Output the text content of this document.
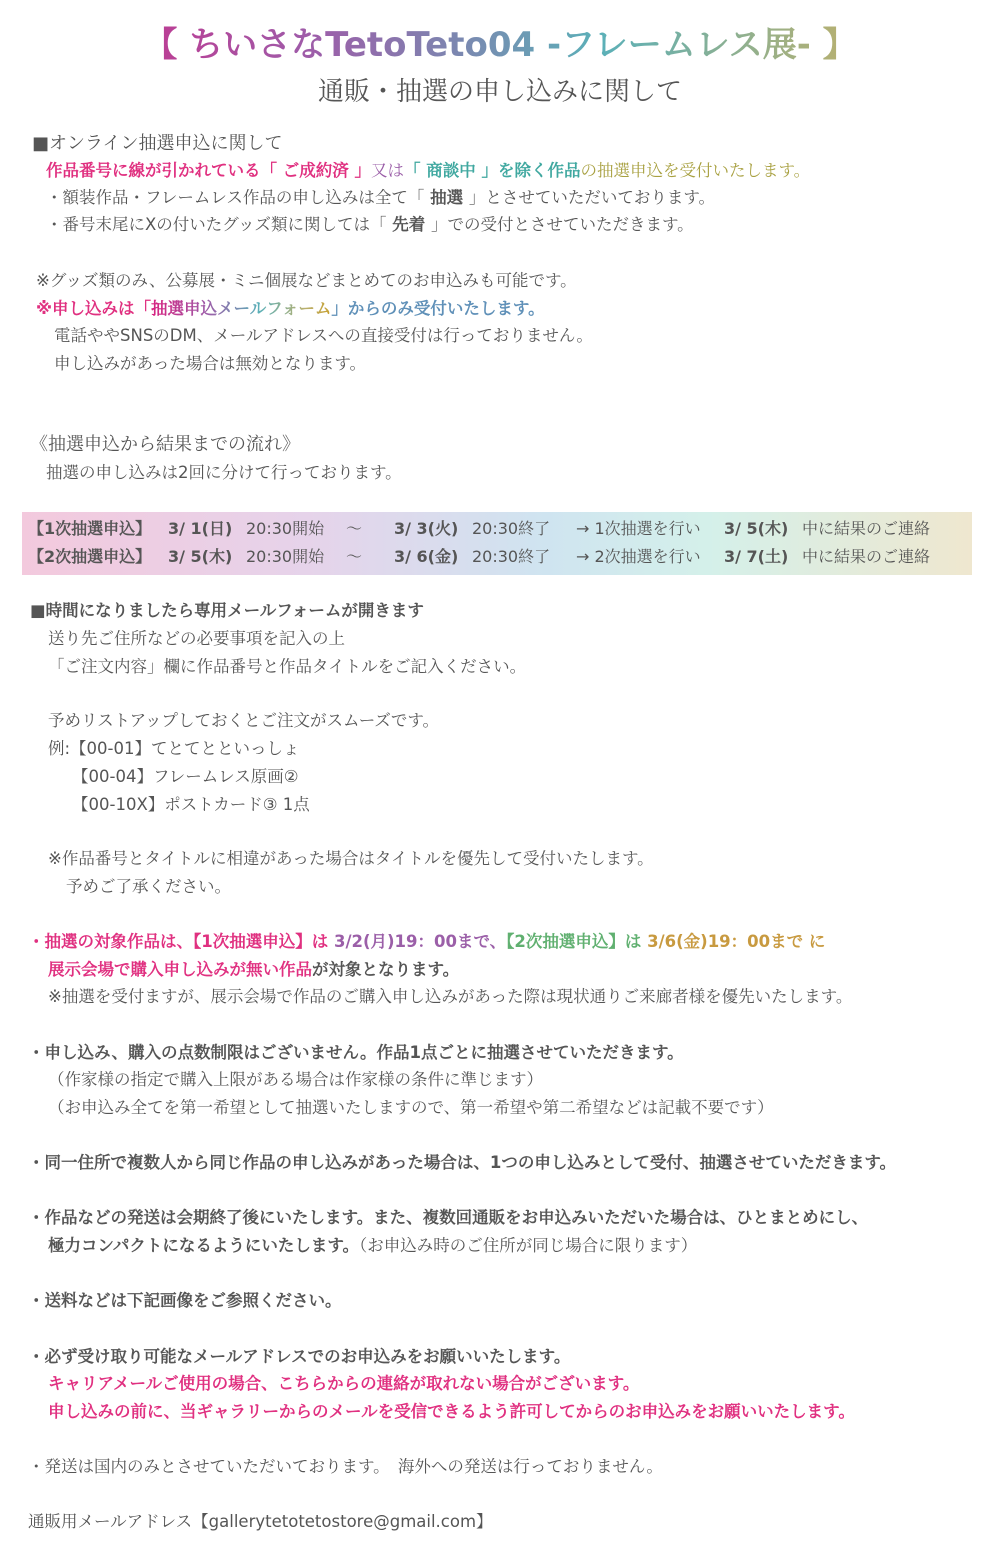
【 ちいさなTetoTeto04 -フレームレス展- 】
通販・抽選の申し込みに関して
■オンライン抽選申込に関して
作品番号に線が引かれている「 ご成約済 」又は「 商談中 」を除く作品の抽選申込を受付いたします。
・額装作品・フレームレス作品の申し込みは全て「 抽選 」とさせていただいております。
・番号末尾にXの付いたグッズ類に関しては「 先着 」での受付とさせていただきます。
※グッズ類のみ、公募展・ミニ個展などまとめてのお申込みも可能です。
※申し込みは「抽選申込メールフォーム」からのみ受付いたします。
電話ややSNSのDM、メールアドレスへの直接受付は行っておりません。
申し込みがあった場合は無効となります。
《抽選申込から結果までの流れ》
抽選の申し込みは2回に分けて行っております。
【1次抽選申込】 3/ 1(日) 20:30開始 〜 3/ 3(火) 20:30終了 → 1次抽選を行い 3/ 5(木) 中に結果のご連絡
【2次抽選申込】 3/ 5(木) 20:30開始 〜 3/ 6(金) 20:30終了 → 2次抽選を行い 3/ 7(土) 中に結果のご連絡
■時間になりましたら専用メールフォームが開きます
送り先ご住所などの必要事項を記入の上
「ご注文内容」欄に作品番号と作品タイトルをご記入ください。
予めリストアップしておくとご注文がスムーズです。
例:【00-01】てとてとといっしょ
【00-04】フレームレス原画②
【00-10X】ポストカード③ 1点
※作品番号とタイトルに相違があった場合はタイトルを優先して受付いたします。
予めご了承ください。
・抽選の対象作品は、【1次抽選申込】は 3/2(月)19：00まで、【2次抽選申込】は 3/6(金)19：00まで に
展示会場で購入申し込みが無い作品が対象となります。
※抽選を受付ますが、展示会場で作品のご購入申し込みがあった際は現状通りご来廊者様を優先いたします。
・申し込み、購入の点数制限はございません。作品1点ごとに抽選させていただきます。
（作家様の指定で購入上限がある場合は作家様の条件に準じます）
（お申込み全てを第一希望として抽選いたしますので、第一希望や第二希望などは記載不要です）
・同一住所で複数人から同じ作品の申し込みがあった場合は、1つの申し込みとして受付、抽選させていただきます。
・作品などの発送は会期終了後にいたします。また、複数回通販をお申込みいただいた場合は、ひとまとめにし、
極力コンパクトになるようにいたします。（お申込み時のご住所が同じ場合に限ります）
・送料などは下記画像をご参照ください。
・必ず受け取り可能なメールアドレスでのお申込みをお願いいたします。
キャリアメールご使用の場合、こちらからの連絡が取れない場合がございます。
申し込みの前に、当ギャラリーからのメールを受信できるよう許可してからのお申込みをお願いいたします。
・発送は国内のみとさせていただいております。　海外への発送は行っておりません。
通販用メールアドレス【gallerytetotetostore@gmail.com】
